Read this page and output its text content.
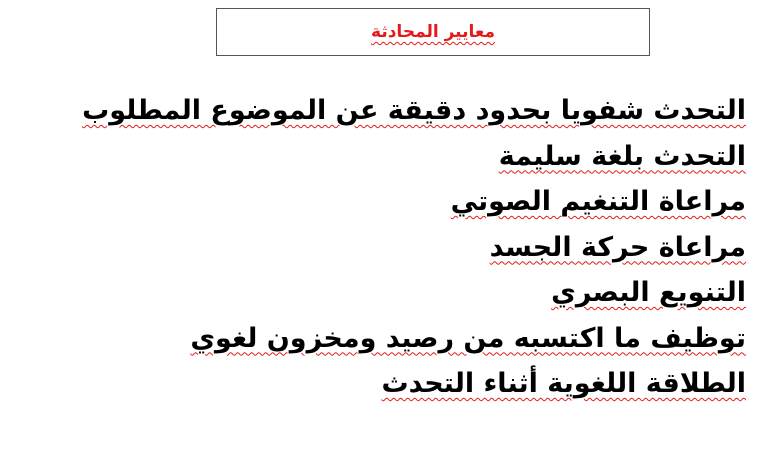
معايير المحادثة
التحدث شفويا بحدود دقيقة عن الموضوع المطلوب
التحدث بلغة سليمة
مراعاة التنغيم الصوتي
مراعاة حركة الجسد
التنويع البصري
توظيف ما اكتسبه من رصيد ومخزون لغوي
الطلاقة اللغوية أثناء التحدث
